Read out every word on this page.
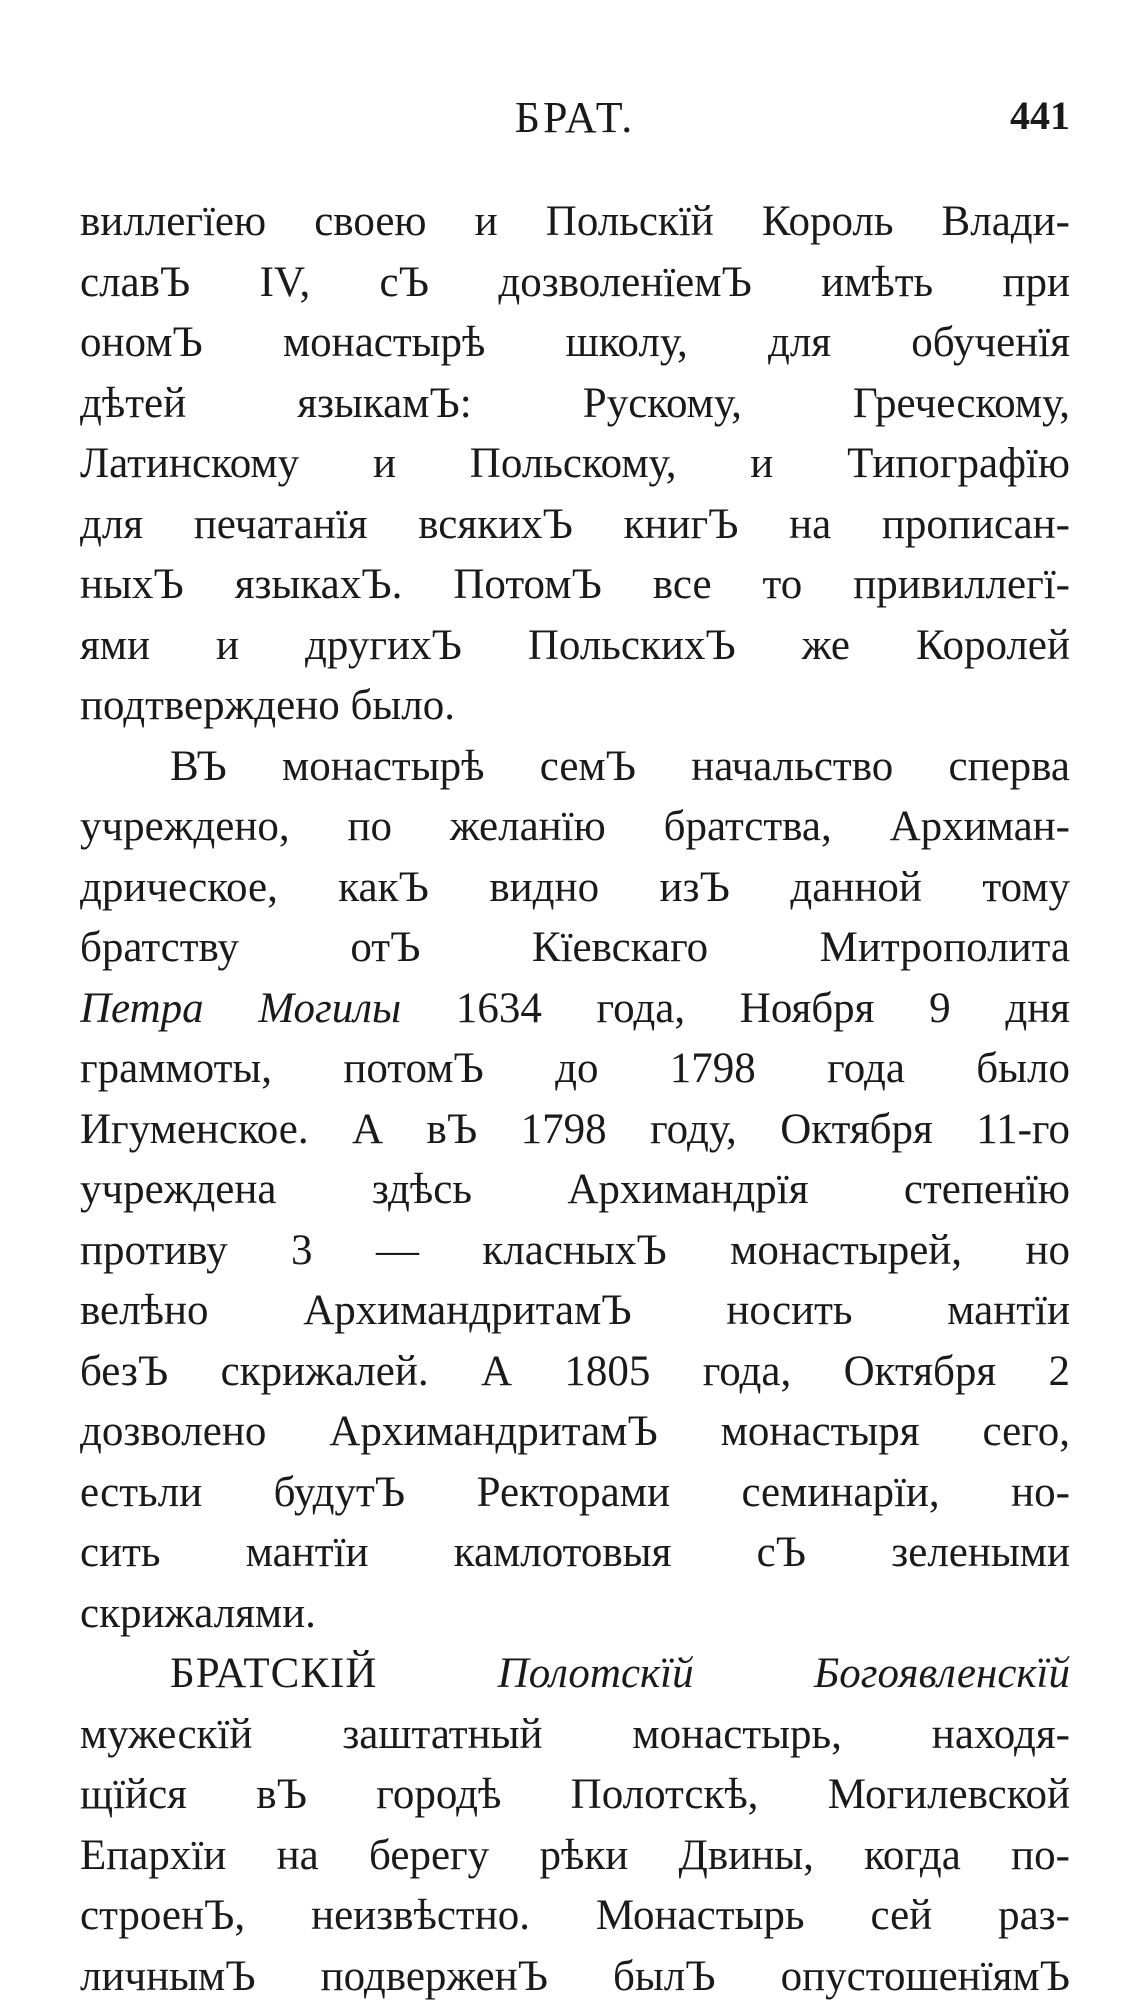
БРАТ.	441
виллегїею своею и Польскїй Король Влади-
славЪ IV, сЪ дозволенїемЪ имѣть при
ономЪ монастырѣ школу, для обученїя
дѣтей языкамЪ: Рускому, Греческому,
Латинскому и Польскому, и Типографїю
для печатанїя всякихЪ книгЪ на прописан-
ныхЪ языкахЪ. ПотомЪ все то привиллегї-
ями и другихЪ ПольскихЪ же Королей
подтверждено было.
ВЪ монастырѣ семЪ начальство сперва
учреждено, по желанїю братства, Архиман-
дрическое, какЪ видно изЪ данной тому
братству отЪ Кїевскаго Митрополита
Петра Могилы 1634 года, Ноября 9 дня
граммоты, потомЪ до 1798 года было
Игуменское. А вЪ 1798 году, Октября 11-го
учреждена здѣсь Архимандрїя степенїю
противу 3 — класныхЪ монастырей, но
велѣно АрхимандритамЪ носить мантїи
безЪ скрижалей. А 1805 года, Октября 2
дозволено АрхимандритамЪ монастыря сего,
естьли будутЪ Ректорами семинарїи, но-
сить мантїи камлотовыя сЪ зелеными
скрижалями.
БРАТСКІЙ	Полотскїй Богоявленскїй
мужескїй заштатный монастырь, находя-
щїйся вЪ городѣ Полотскѣ, Могилевской
Епархїи на берегу рѣки Двины, когда по-
строенЪ, неизвѣстно. Монастырь сей раз-
личнымЪ подверженЪ былЪ опустошенїямЪ
